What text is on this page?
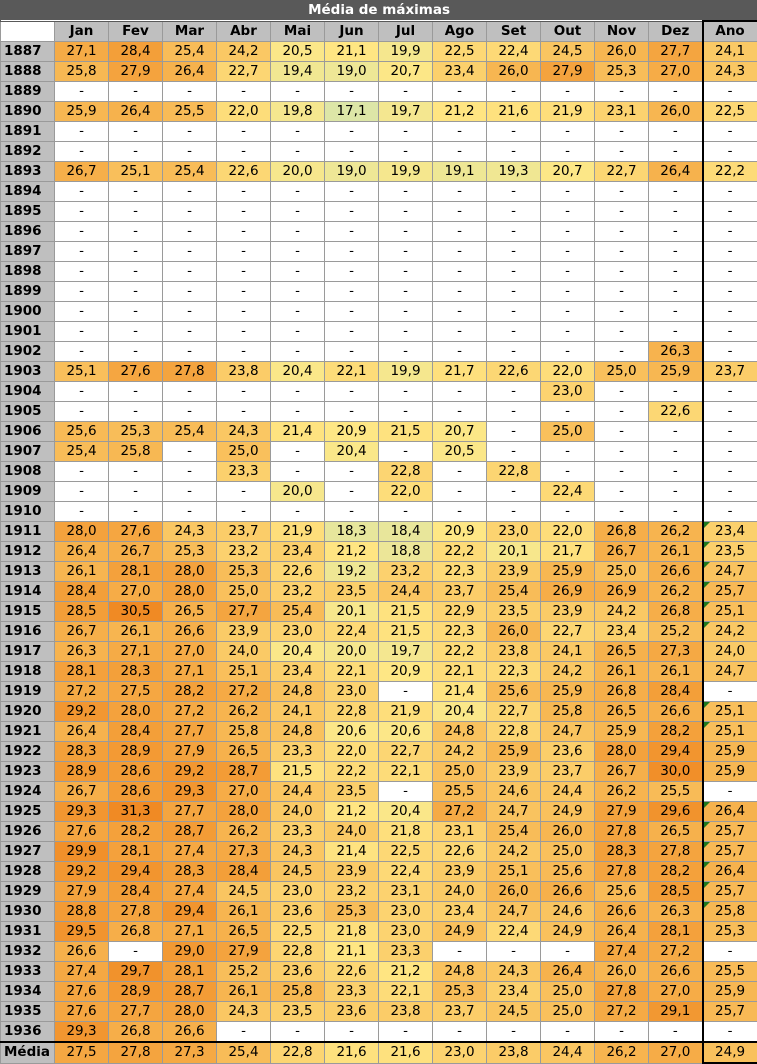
Média de máximas													
	Jan	Fev	Mar	Abr	Mai	Jun	Jul	Ago	Set	Out	Nov	Dez	Ano
1887	27,1	28,4	25,4	24,2	20,5	21,1	19,9	22,5	22,4	24,5	26,0	27,7	24,1
1888	25,8	27,9	26,4	22,7	19,4	19,0	20,7	23,4	26,0	27,9	25,3	27,0	24,3
1889	-	-	-	-	-	-	-	-	-	-	-	-	-
1890	25,9	26,4	25,5	22,0	19,8	17,1	19,7	21,2	21,6	21,9	23,1	26,0	22,5
1891	-	-	-	-	-	-	-	-	-	-	-	-	-
1892	-	-	-	-	-	-	-	-	-	-	-	-	-
1893	26,7	25,1	25,4	22,6	20,0	19,0	19,9	19,1	19,3	20,7	22,7	26,4	22,2
1894	-	-	-	-	-	-	-	-	-	-	-	-	-
1895	-	-	-	-	-	-	-	-	-	-	-	-	-
1896	-	-	-	-	-	-	-	-	-	-	-	-	-
1897	-	-	-	-	-	-	-	-	-	-	-	-	-
1898	-	-	-	-	-	-	-	-	-	-	-	-	-
1899	-	-	-	-	-	-	-	-	-	-	-	-	-
1900	-	-	-	-	-	-	-	-	-	-	-	-	-
1901	-	-	-	-	-	-	-	-	-	-	-	-	-
1902	-	-	-	-	-	-	-	-	-	-	-	26,3	-
1903	25,1	27,6	27,8	23,8	20,4	22,1	19,9	21,7	22,6	22,0	25,0	25,9	23,7
1904	-	-	-	-	-	-	-	-	-	23,0	-	-	-
1905	-	-	-	-	-	-	-	-	-	-	-	22,6	-
1906	25,6	25,3	25,4	24,3	21,4	20,9	21,5	20,7	-	25,0	-	-	-
1907	25,4	25,8	-	25,0	-	20,4	-	20,5	-	-	-	-	-
1908	-	-	-	23,3	-	-	22,8	-	22,8	-	-	-	-
1909	-	-	-	-	20,0	-	22,0	-	-	22,4	-	-	-
1910	-	-	-	-	-	-	-	-	-	-	-	-	-
1911	28,0	27,6	24,3	23,7	21,9	18,3	18,4	20,9	23,0	22,0	26,8	26,2	23,4
1912	26,4	26,7	25,3	23,2	23,4	21,2	18,8	22,2	20,1	21,7	26,7	26,1	23,5
1913	26,1	28,1	28,0	25,3	22,6	19,2	23,2	22,3	23,9	25,9	25,0	26,6	24,7
1914	28,4	27,0	28,0	25,0	23,2	23,5	24,4	23,7	25,4	26,9	26,9	26,2	25,7
1915	28,5	30,5	26,5	27,7	25,4	20,1	21,5	22,9	23,5	23,9	24,2	26,8	25,1
1916	26,7	26,1	26,6	23,9	23,0	22,4	21,5	22,3	26,0	22,7	23,4	25,2	24,2
1917	26,3	27,1	27,0	24,0	20,4	20,0	19,7	22,2	23,8	24,1	26,5	27,3	24,0
1918	28,1	28,3	27,1	25,1	23,4	22,1	20,9	22,1	22,3	24,2	26,1	26,1	24,7
1919	27,2	27,5	28,2	27,2	24,8	23,0	-	21,4	25,6	25,9	26,8	28,4	-
1920	29,2	28,0	27,2	26,2	24,1	22,8	21,9	20,4	22,7	25,8	26,5	26,6	25,1
1921	26,4	28,4	27,7	25,8	24,8	20,6	20,6	24,8	22,8	24,7	25,9	28,2	25,1
1922	28,3	28,9	27,9	26,5	23,3	22,0	22,7	24,2	25,9	23,6	28,0	29,4	25,9
1923	28,9	28,6	29,2	28,7	21,5	22,2	22,1	25,0	23,9	23,7	26,7	30,0	25,9
1924	26,7	28,6	29,3	27,0	24,4	23,5	-	25,5	24,6	24,4	26,2	25,5	-
1925	29,3	31,3	27,7	28,0	24,0	21,2	20,4	27,2	24,7	24,9	27,9	29,6	26,4
1926	27,6	28,2	28,7	26,2	23,3	24,0	21,8	23,1	25,4	26,0	27,8	26,5	25,7
1927	29,9	28,1	27,4	27,3	24,3	21,4	22,5	22,6	24,2	25,0	28,3	27,8	25,7
1928	29,2	29,4	28,3	28,4	24,5	23,9	22,4	23,9	25,1	25,6	27,8	28,2	26,4
1929	27,9	28,4	27,4	24,5	23,0	23,2	23,1	24,0	26,0	26,6	25,6	28,5	25,7
1930	28,8	27,8	29,4	26,1	23,6	25,3	23,0	23,4	24,7	24,6	26,6	26,3	25,8
1931	29,5	26,8	27,1	26,5	22,5	21,8	23,0	24,9	22,4	24,9	26,4	28,1	25,3
1932	26,6	-	29,0	27,9	22,8	21,1	23,3	-	-	-	27,4	27,2	-
1933	27,4	29,7	28,1	25,2	23,6	22,6	21,2	24,8	24,3	26,4	26,0	26,6	25,5
1934	27,6	28,9	28,7	26,1	25,8	23,3	22,1	25,3	23,4	25,0	27,8	27,0	25,9
1935	27,6	27,7	28,0	24,3	23,5	23,6	23,8	23,7	24,5	25,0	27,2	29,1	25,7
1936	29,3	26,8	26,6	-	-	-	-	-	-	-	-	-	-
Média	27,5	27,8	27,3	25,4	22,8	21,6	21,6	23,0	23,8	24,4	26,2	27,0	24,9
